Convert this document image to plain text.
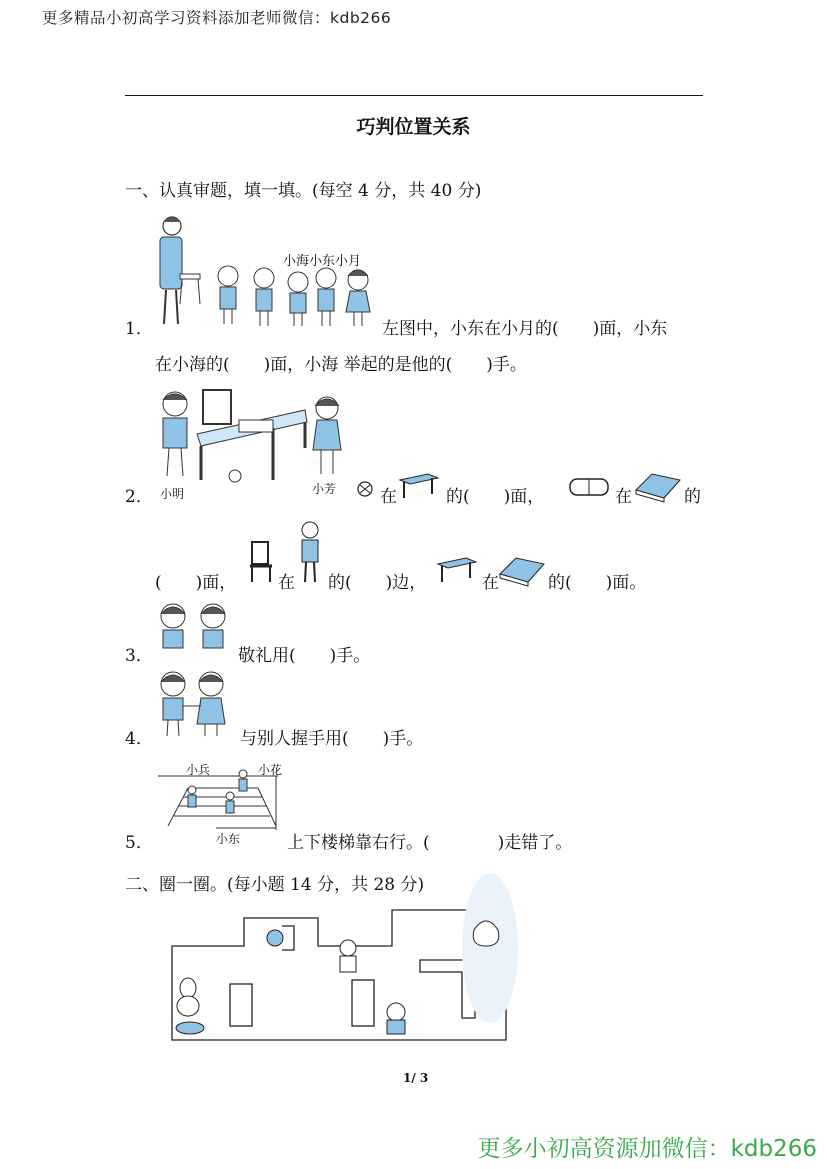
更多精品小初高学习资料添加老师微信：kdb266
巧判位置关系
一、认真审题，填一填。(每空 4 分，共 40 分)
小海小东小月
1．	左图中，小东在小月的(　　)面，小东
在小海的(　　)面，小海 举起的是他的(　　)手。
小明	小芳
2．	在	的(　　)面，	在	的
(　　)面， 在 的(　　)边，	在	的(　　)面。
3．	敬礼用(　　)手。
4．	与别人握手用(　　)手。
小兵	小花
小东
5．	上下楼梯靠右行。(　　　　)走错了。
二、圈一圈。(每小题 14 分，共 28 分)
1/ 3
更多小初高资源加微信：kdb266
